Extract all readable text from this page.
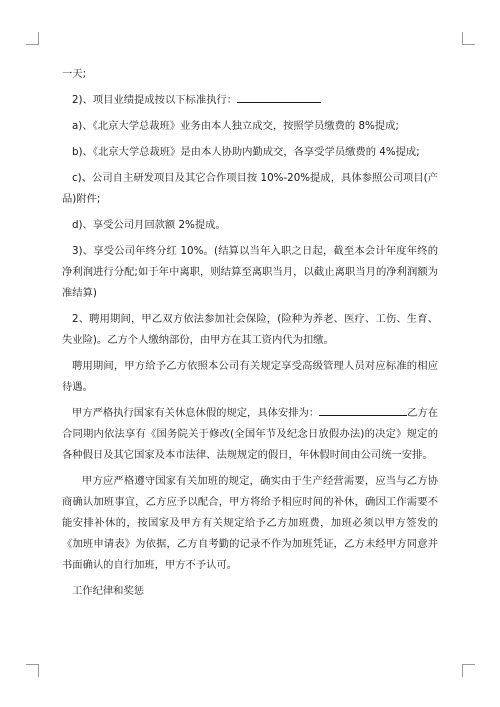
一天;

2)、项目业绩提成按以下标准执行：

a)、《北京大学总裁班》业务由本人独立成交，按照学员缴费的 8%提成;

b)、《北京大学总裁班》是由本人协助内勤成交，各享受学员缴费的 4%提成;

c)、公司自主研发项目及其它合作项目按 10%-20%提成，具体参照公司项目(产品)附件;

d)、享受公司月回款额 2%提成。

3)、享受公司年终分红 10%。(结算以当年入职之日起，截至本会计年度年终的净利润进行分配;如于年中离职，则结算至离职当月，以截止离职当月的净利润额为准结算)

2、聘用期间，甲乙双方依法参加社会保险，(险种为养老、医疗、工伤、生育、失业险)。乙方个人缴纳部份，由甲方在其工资内代为扣缴。

聘用期间，甲方给予乙方依照本公司有关规定享受高级管理人员对应标准的相应待遇。

甲方严格执行国家有关休息休假的规定，具体安排为：	乙方在合同期内依法享有《国务院关于修改(全国年节及纪念日放假办法)的决定》规定的各种假日及其它国家及本市法律、法规规定的假日，年休假时间由公司统一安排。

甲方应严格遵守国家有关加班的规定，确实由于生产经营需要，应当与乙方协商确认加班事宜，乙方应予以配合，甲方将给予相应时间的补休，确因工作需要不能安排补休的，按国家及甲方有关规定给予乙方加班费，加班必须以甲方签发的《加班申请表》为依据，乙方自考勤的记录不作为加班凭证，乙方未经甲方同意并书面确认的自行加班，甲方不予认可。

工作纪律和奖惩
